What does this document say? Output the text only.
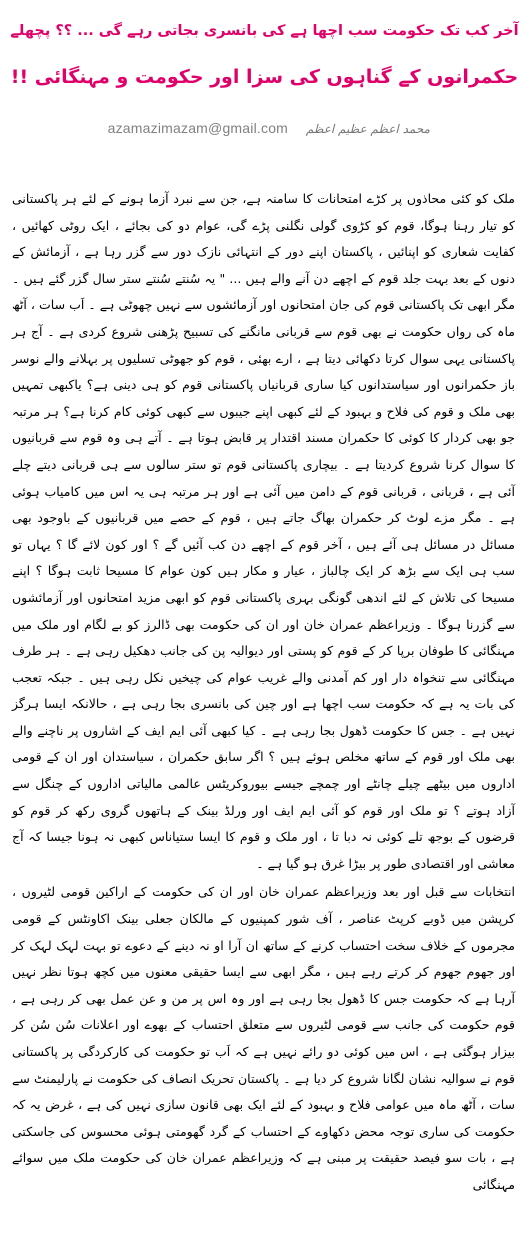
آخر کب تک حکومت سب اچھا ہے کی بانسری بجاتی رہے گی ... ؟؟ پچھلے
حکمرانوں کے گناہوں کی سزا اور حکومت و مہنگائی !!
محمد اعظم عظیم اعظم azamazimazam@gmail.com

ملک کو کئی محاذوں پر کڑے امتحانات کا سامنہ ہے، جن سے نبرد آزما ہونے کے لئے ہر پاکستانی کو تیار رہنا ہوگا، قوم کو کڑوی گولی نگلنی پڑے گی، عوام دو کی بجائے ، ایک روٹی کھائیں ، کفایت شعاری کو اپنائیں ، پاکستان اپنے دور کے انتہائی نازک دور سے گزر رہا ہے ، آزمائش کے دنوں کے بعد بہت جلد قوم کے اچھے دن آنے والے ہیں ... " یہ سُنتے سُنتے ستر سال گزر گئے ہیں ۔ مگر ابھی تک پاکستانی قوم کی جان امتحانوں اور آزمائشوں سے نہیں چھوٹی ہے ۔ اَب سات ، آٹھ ماہ کی رواں حکومت نے بھی قوم سے قربانی مانگنے کی تسبیح پڑھنی شروع کردی ہے ۔ آج ہر پاکستانی یہی سوال کرتا دکھائی دیتا ہے ، ارے بھئی ، قوم کو جھوٹی تسلیوں پر بہلانے والے نوسر باز حکمرانوں اور سیاستدانوں کیا ساری قربانیاں پاکستانی قوم کو ہی دینی ہے؟ یاکبھی تمہیں بھی ملک و قوم کی فلاح و بہبود کے لئے کبھی اپنے جیبوں سے کبھی کوئی کام کرنا ہے؟ ہر مرتبہ جو بھی کردار کا کوئی کا حکمران مسند اقتدار پر قابض ہوتا ہے ۔ آتے ہی وہ قوم سے قربانیوں کا سوال کرنا شروع کردیتا ہے ۔ بیچاری پاکستانی قوم تو ستر سالوں سے ہی قربانی دیتے چلے آئی ہے ، قربانی ، قربانی قوم کے دامن میں آئی ہے اور ہر مرتبہ ہی یہ اس میں کامیاب ہوئی ہے ۔ مگر مزے لوٹ کر حکمران بھاگ جاتے ہیں ، قوم کے حصے میں قربانیوں کے باوجود بھی مسائل در مسائل ہی آئے ہیں ، آخر قوم کے اچھے دن کب آئیں گے ؟ اور کون لائے گا ؟ یہاں تو سب ہی ایک سے بڑھ کر ایک چالباز ، عیار و مکار ہیں کون عوام کا مسیحا ثابت ہوگا ؟ اپنے مسیحا کی تلاش کے لئے اندھی گونگی بہری پاکستانی قوم کو ابھی مزید امتحانوں اور آزمائشوں سے گزرنا ہوگا ۔ وزیراعظم عمران خان اور ان کی حکومت بھی ڈالرز کو بے لگام اور ملک میں مہنگائی کا طوفان برپا کر کے قوم کو پستی اور دیوالیہ پن کی جانب دھکیل رہی ہے ۔ ہر طرف مہنگائی سے تنخواہ دار اور کم آمدنی والے غریب عوام کی چیخیں نکل رہی ہیں ۔ جبکہ تعجب کی بات یہ ہے کہ حکومت سب اچھا ہے اور چین کی بانسری بجا رہی ہے ، حالانکہ ایسا ہرگز نہیں ہے ۔ جس کا حکومت ڈھول بجا رہی ہے ۔ کیا کبھی آئی ایم ایف کے اشاروں پر ناچنے والے بھی ملک اور قوم کے ساتھ مخلص ہوئے ہیں ؟ اگر سابق حکمران ، سیاستدان اور ان کے قومی اداروں میں بیٹھے چیلے چانٹے اور چمچے جیسے بیوروکریٹس عالمی مالیاتی اداروں کے چنگل سے آزاد ہوتے ؟ تو ملک اور قوم کو آئی ایم ایف اور ورلڈ بینک کے ہاتھوں گروی رکھ کر قوم کو قرضوں کے بوجھ تلے کوئی نہ دبا تا ، اور ملک و قوم کا ایسا ستیاناس کبھی نہ ہونا جیسا کہ آج معاشی اور اقتصادی طور پر بیڑا غرق ہو گیا ہے ۔

انتخابات سے قبل اور بعد وزیراعظم عمران خان اور ان کی حکومت کے اراکین قومی لٹیروں ، کرپشن میں ڈوبے کرپٹ عناصر ، آف شور کمپنیوں کے مالکان جعلی بینک اکاونٹس کے قومی مجرموں کے خلاف سخت احتساب کرنے کے ساتھ ان آرا او نہ دینے کے دعوے تو بہت لہک لہک کر اور جھوم جھوم کر کرتے رہے ہیں ، مگر ابھی سے ایسا حقیقی معنوں میں کچھ ہوتا نظر نہیں آرہا ہے کہ حکومت جس کا ڈھول بجا رہی ہے اور وہ اس پر من و عن عمل بھی کر رہی ہے ، قوم حکومت کی جانب سے قومی لٹیروں سے متعلق احتساب کے بھوے اور اعلانات سُن سُن کر بیزار ہوگئی ہے ، اس میں کوئی دو رائے نہیں ہے کہ اَب تو حکومت کی کارکردگی پر پاکستانی قوم نے سوالیہ نشان لگانا شروع کر دیا ہے ۔ پاکستان تحریک انصاف کی حکومت نے پارلیمنٹ سے سات ، آٹھ ماہ میں عوامی فلاح و بہبود کے لئے ایک بھی قانون سازی نہیں کی ہے ، غرض یہ کہ حکومت کی ساری توجہ محض دکھاوے کے احتساب کے گرد گھومتی ہوئی محسوس کی جاسکتی ہے ، بات سو فیصد حقیقت پر مبنی ہے کہ وزیراعظم عمران خان کی حکومت ملک میں سوائے مہنگائی
